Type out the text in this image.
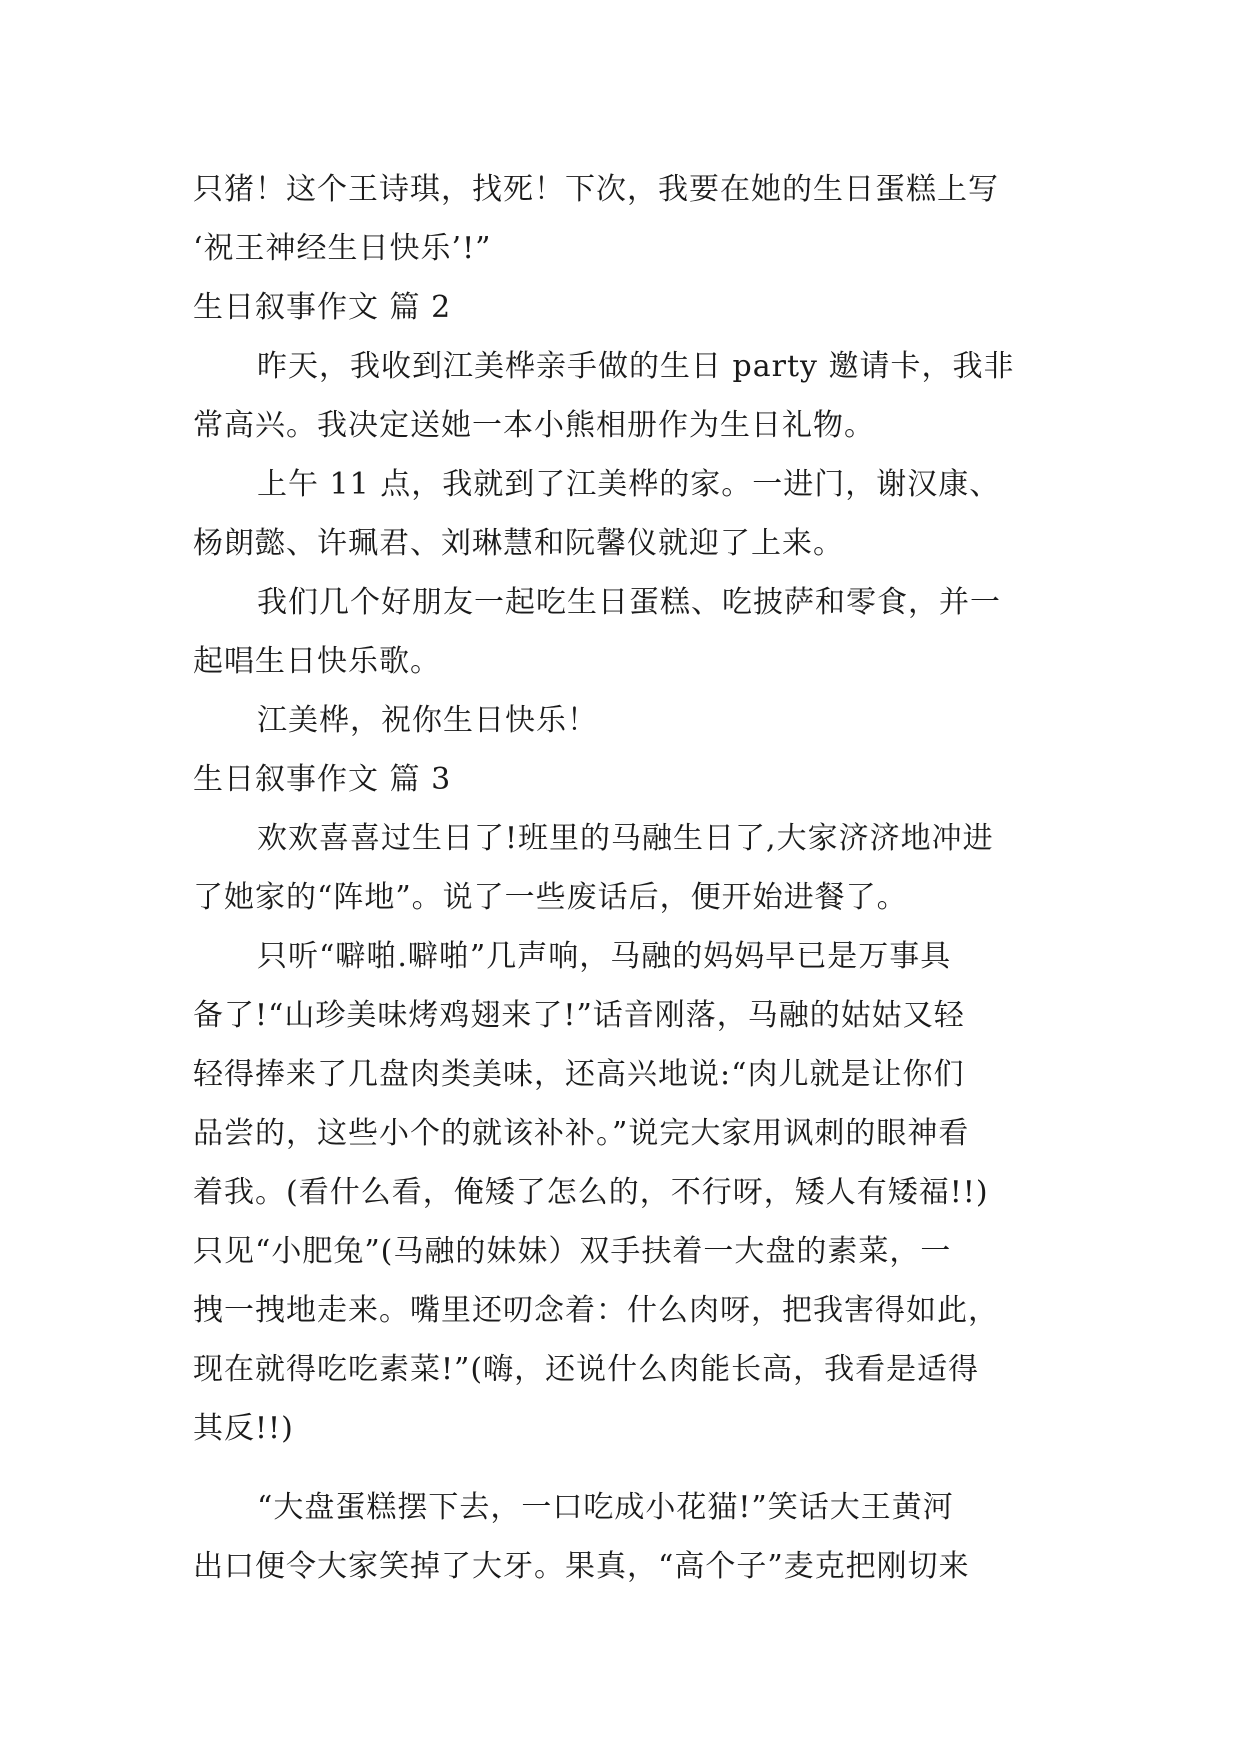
只猪！这个王诗琪，找死！下次，我要在她的生日蛋糕上写
‘祝王神经生日快乐’!”
生日叙事作文 篇 2
昨天，我收到江美桦亲手做的生日 party 邀请卡，我非
常高兴。我决定送她一本小熊相册作为生日礼物。
上午 11 点，我就到了江美桦的家。一进门，谢汉康、
杨朗懿、许珮君、刘琳慧和阮馨仪就迎了上来。
我们几个好朋友一起吃生日蛋糕、吃披萨和零食，并一
起唱生日快乐歌。
江美桦，祝你生日快乐！
生日叙事作文 篇 3
欢欢喜喜过生日了!班里的马融生日了,大家济济地冲进
了她家的“阵地”。说了一些废话后，便开始进餐了。
只听“噼啪.噼啪”几声响，马融的妈妈早已是万事具
备了!“山珍美味烤鸡翅来了!”话音刚落，马融的姑姑又轻
轻得捧来了几盘肉类美味，还高兴地说:“肉儿就是让你们
品尝的，这些小个的就该补补。”说完大家用讽刺的眼神看
着我。(看什么看，俺矮了怎么的，不行呀，矮人有矮福!!)
只见“小肥兔”(马融的妹妹）双手扶着一大盘的素菜，一
拽一拽地走来。嘴里还叨念着：什么肉呀，把我害得如此，
现在就得吃吃素菜!”(嗨，还说什么肉能长高，我看是适得
其反!!)
“大盘蛋糕摆下去，一口吃成小花猫!”笑话大王黄河
出口便令大家笑掉了大牙。果真，“高个子”麦克把刚切来
